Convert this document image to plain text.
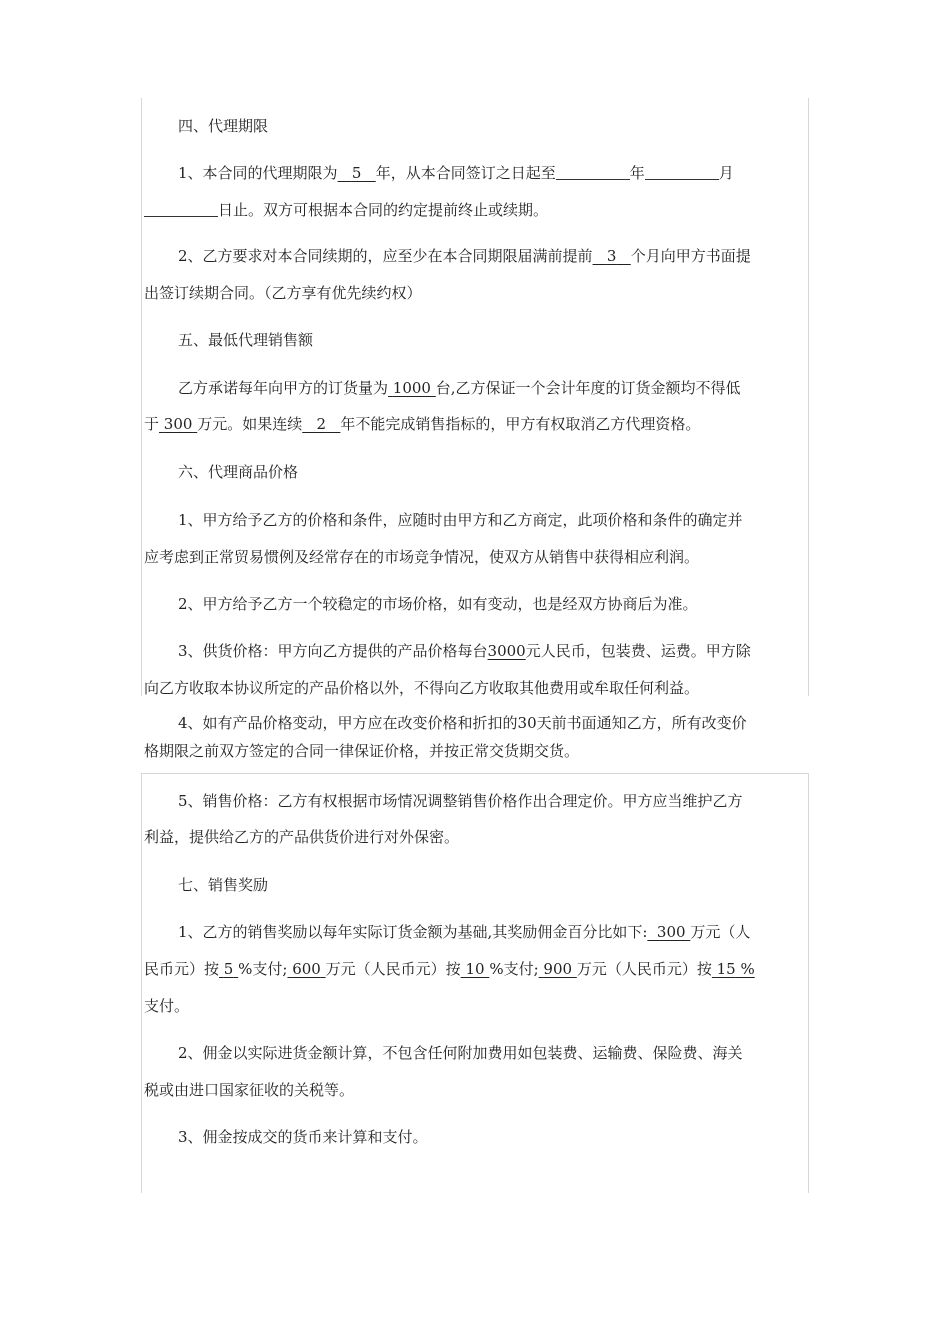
四、代理期限

1、本合同的代理期限为 5 年，从本合同签订之日起至	年	月

日止。双方可根据本合同的约定提前终止或续期。

2、乙方要求对本合同续期的，应至少在本合同期限届满前提前 3 个月向甲方书面提

出签订续期合同。（乙方享有优先续约权）

五、最低代理销售额

乙方承诺每年向甲方的订货量为 1000 台,乙方保证一个会计年度的订货金额均不得低

于 300 万元。如果连续 2 年不能完成销售指标的，甲方有权取消乙方代理资格。

六、代理商品价格

1、甲方给予乙方的价格和条件，应随时由甲方和乙方商定，此项价格和条件的确定并

应考虑到正常贸易惯例及经常存在的市场竞争情况，使双方从销售中获得相应利润。

2、甲方给予乙方一个较稳定的市场价格，如有变动，也是经双方协商后为准。

3、供货价格：甲方向乙方提供的产品价格每台3000元人民币，包装费、运费。甲方除

向乙方收取本协议所定的产品价格以外，不得向乙方收取其他费用或牟取任何利益。

4、如有产品价格变动，甲方应在改变价格和折扣的30天前书面通知乙方，所有改变价

格期限之前双方签定的合同一律保证价格，并按正常交货期交货。

5、销售价格：乙方有权根据市场情况调整销售价格作出合理定价。甲方应当维护乙方

利益，提供给乙方的产品供货价进行对外保密。

七、销售奖励

1、乙方的销售奖励以每年实际订货金额为基础,其奖励佣金百分比如下: 300 万元（人

民币元）按 5 %支付; 600 万元（人民币元）按 10 %支付; 900 万元（人民币元）按 15 %

支付。

2、佣金以实际进货金额计算，不包含任何附加费用如包装费、运输费、保险费、海关

税或由进口国家征收的关税等。

3、佣金按成交的货币来计算和支付。
